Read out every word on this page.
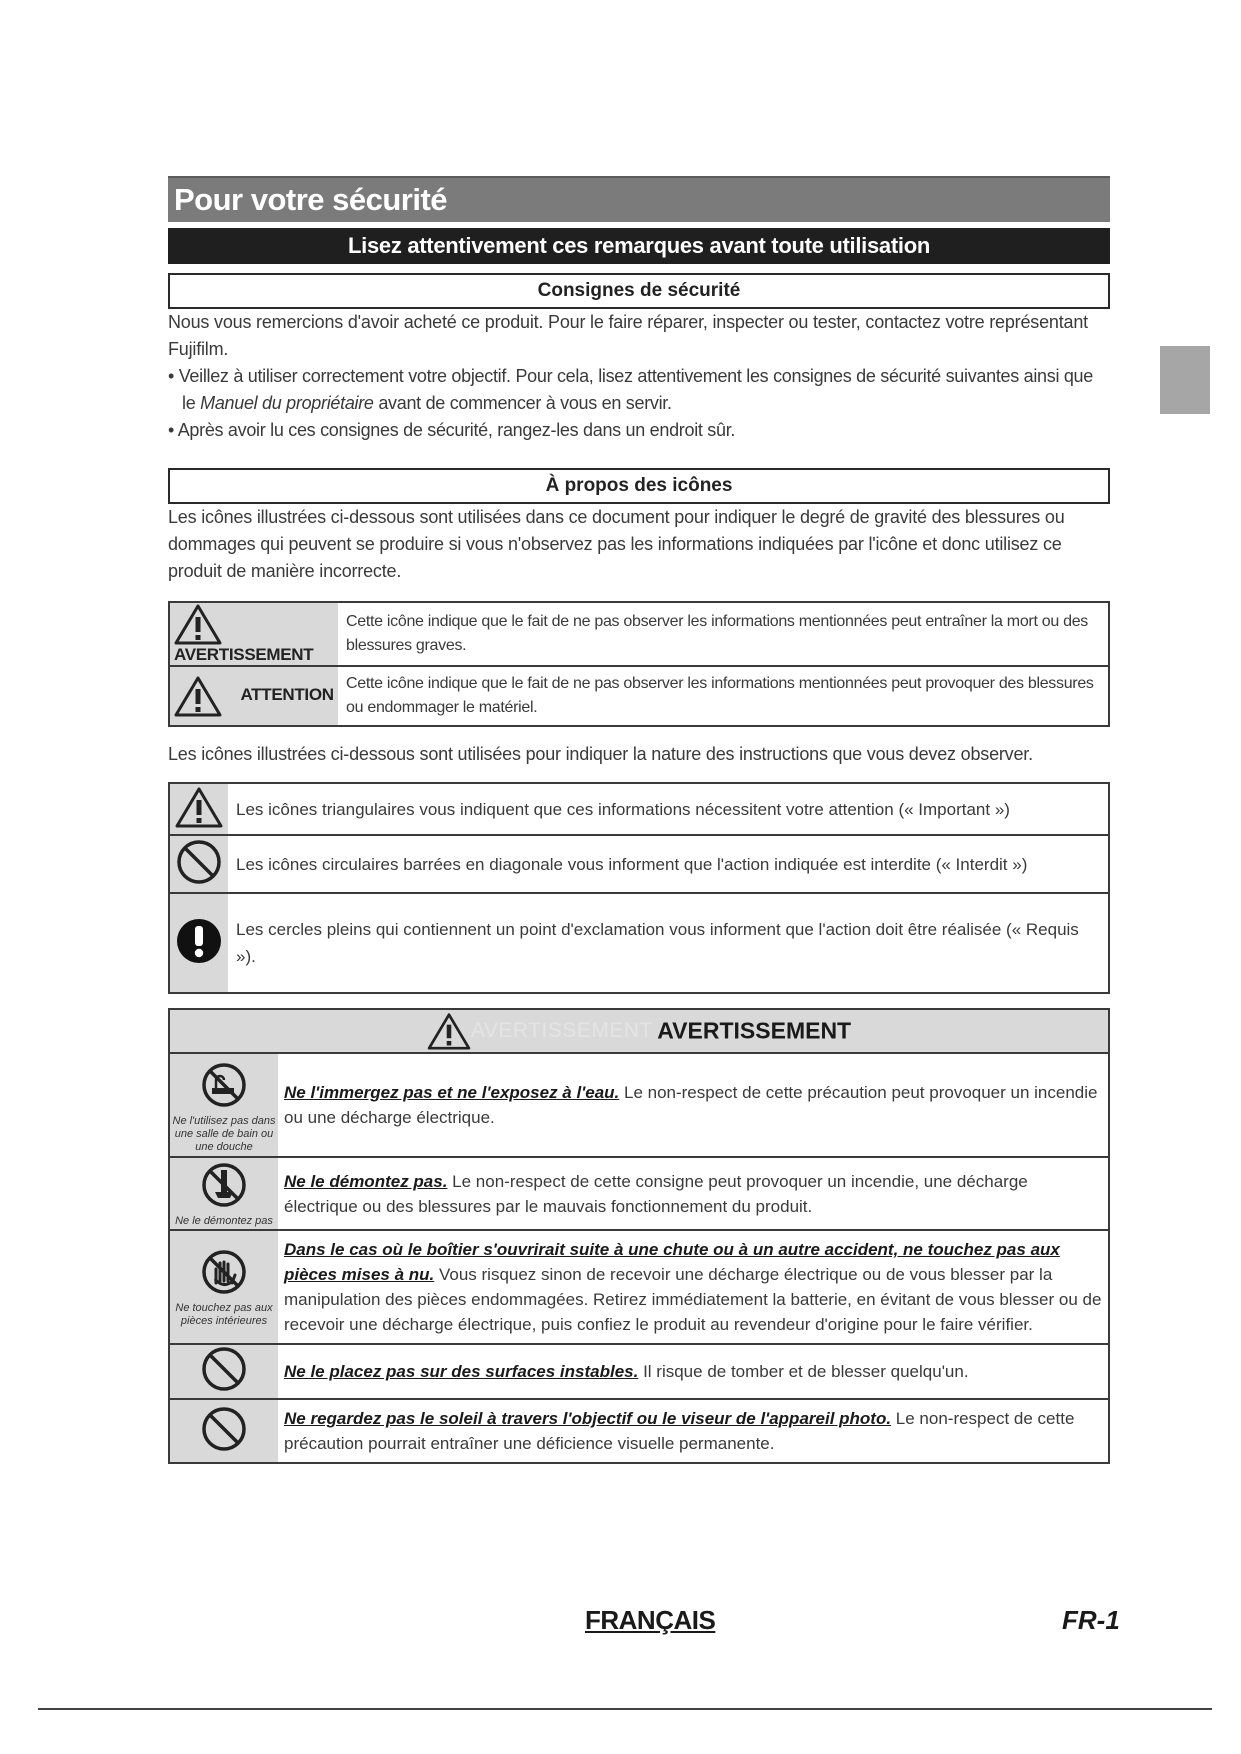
Pour votre sécurité
Lisez attentivement ces remarques avant toute utilisation
Consignes de sécurité
Nous vous remercions d'avoir acheté ce produit. Pour le faire réparer, inspecter ou tester, contactez votre représentant Fujifilm.
• Veillez à utiliser correctement votre objectif. Pour cela, lisez attentivement les consignes de sécurité suivantes ainsi que le Manuel du propriétaire avant de commencer à vous en servir.
• Après avoir lu ces consignes de sécurité, rangez-les dans un endroit sûr.
À propos des icônes
Les icônes illustrées ci-dessous sont utilisées dans ce document pour indiquer le degré de gravité des blessures ou dommages qui peuvent se produire si vous n'observez pas les informations indiquées par l'icône et donc utilisez ce produit de manière incorrecte.
AVERTISSEMENT	Cette icône indique que le fait de ne pas observer les informations mentionnées peut entraîner la mort ou des blessures graves.
ATTENTION	Cette icône indique que le fait de ne pas observer les informations mentionnées peut provoquer des blessures ou endommager le matériel.
Les icônes illustrées ci-dessous sont utilisées pour indiquer la nature des instructions que vous devez observer.
	Les icônes triangulaires vous indiquent que ces informations nécessitent votre attention (« Important »)
	Les icônes circulaires barrées en diagonale vous informent que l'action indiquée est interdite (« Interdit »)
	Les cercles pleins qui contiennent un point d'exclamation vous informent que l'action doit être réalisée (« Requis »).
AVERTISSEMENT AVERTISSEMENT	

Ne l'utilisez pas dans une salle de bain ou une douche	Ne l'immergez pas et ne l'exposez à l'eau. Le non-respect de cette précaution peut provoquer un incendie ou une décharge électrique.

Ne le démontez pas	Ne le démontez pas. Le non-respect de cette consigne peut provoquer un incendie, une décharge électrique ou des blessures par le mauvais fonctionnement du produit.

Ne touchez pas aux pièces intérieures	Dans le cas où le boîtier s'ouvrirait suite à une chute ou à un autre accident, ne touchez pas aux pièces mises à nu. Vous risquez sinon de recevoir une décharge électrique ou de vous blesser par la manipulation des pièces endommagées. Retirez immédiatement la batterie, en évitant de vous blesser ou de recevoir une décharge électrique, puis confiez le produit au revendeur d'origine pour le faire vérifier.
	Ne le placez pas sur des surfaces instables. Il risque de tomber et de blesser quelqu'un.
	Ne regardez pas le soleil à travers l'objectif ou le viseur de l'appareil photo. Le non-respect de cette précaution pourrait entraîner une déficience visuelle permanente.
FRANÇAIS	FR-1
